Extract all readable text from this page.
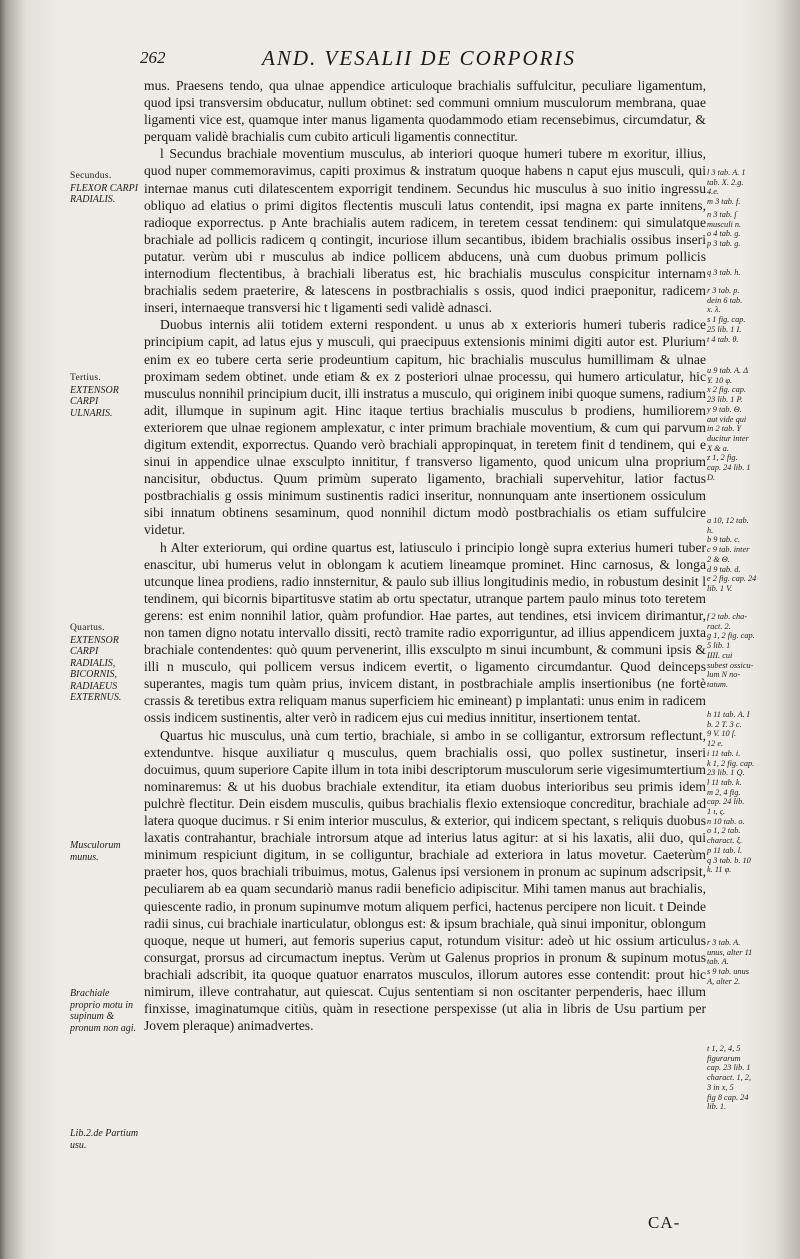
262	AND. VESALII DE CORPORIS
Secundus. FLEXOR CARPI RADIALIS.
Tertius. EXTENSOR CARPI ULNARIS.
Quartus. EXTENSOR CARPI RADIALIS, BICORNIS, RADIAEUS EXTERNUS.
Musculorum munus.
Brachiale proprio motu in supinum & pronum non agi.
Lib.2.de Partium usu.

mus. Praesens tendo, qua ulnae appendice articuloque brachialis suffulcitur, peculiare ligamentum, quod ipsi transversim obducatur, nullum obtinet: sed communi omnium musculorum membrana, quae ligamenti vice est, quamque inter manus ligamenta quodammodo etiam recensebimus, circumdatur, & perquam validè brachialis cum cubito articuli ligamentis connectitur.

l Secundus brachiale moventium musculus, ab interiori quoque humeri tubere m exoritur, illius, quod nuper commemoravimus, capiti proximus & instratum quoque habens n caput ejus musculi, qui internae manus cuti dilatescentem exporrigit tendinem. Secundus hic musculus à suo initio ingressu obliquo ad elatius o primi digitos flectentis musculi latus contendit, ipsi magna ex parte innitens, radioque exporrectus. p Ante brachialis autem radicem, in teretem cessat tendinem: qui simulatque brachiale ad pollicis radicem q contingit, incuriose illum secantibus, ibidem brachialis ossibus inseri putatur. verùm ubi r musculus ab indice pollicem abducens, unà cum duobus primum pollicis internodium flectentibus, à brachiali liberatus est, hic brachialis musculus conspicitur internam brachialis sedem praeterire, & latescens in postbrachialis s ossis, quod indici praeponitur, radicem inseri, internaeque transversi hic t ligamenti sedi validè adnasci.

Duobus internis alii totidem externi respondent. u unus ab x exterioris humeri tuberis radice principium capit, ad latus ejus y musculi, qui praecipuus extensionis minimi digiti autor est. Plurium enim ex eo tubere certa serie prodeuntium capitum, hic brachialis musculus humillimam & ulnae proximam sedem obtinet. unde etiam & ex z posteriori ulnae processu, qui humero articulatur, hic musculus nonnihil principium ducit, illi instratus a musculo, qui originem inibi quoque sumens, radium adit, illumque in supinum agit. Hinc itaque tertius brachialis musculus b prodiens, humiliorem exteriorem que ulnae regionem amplexatur, c inter primum brachiale moventium, & cum qui parvum digitum extendit, exporrectus. Quando verò brachiali appropinquat, in teretem finit d tendinem, qui e sinui in appendice ulnae exsculpto innititur, f transverso ligamento, quod unicum ulna proprium nancisitur, obductus. Quum primùm superato ligamento, brachiali supervehitur, latior factus postbrachialis g ossis minimum sustinentis radici inseritur, nonnunquam ante insertionem ossiculum sibi innatum obtinens sesaminum, quod nonnihil dictum modò postbrachialis os etiam suffulcire videtur.

h Alter exteriorum, qui ordine quartus est, latiusculo i principio longè supra exterius humeri tuber enascitur, ubi humerus velut in oblongam k acutiem lineamque prominet. Hinc carnosus, & longa utcunque linea prodiens, radio innsternitur, & paulo sub illius longitudinis medio, in robustum desinit l tendinem, qui bicornis bipartitusve statim ab ortu spectatur, utranque partem paulo minus toto teretem gerens: est enim nonnihil latior, quàm profundior. Hae partes, aut tendines, etsi invicem dirimantur, non tamen digno notatu intervallo dissiti, rectò tramite radio exporriguntur, ad illius appendicem juxta brachiale contendentes: quò quum pervenerint, illis exsculpto m sinui incumbunt, & communi ipsis & illi n musculo, qui pollicem versus indicem evertit, o ligamento circumdantur. Quod deinceps superantes, magis tum quàm prius, invicem distant, in postbrachiale amplis insertionibus (ne fortè crassis & teretibus extra reliquam manus superficiem hic emineant) p implantati: unus enim in radicem ossis indicem sustinentis, alter verò in radicem ejus cui medius innititur, insertionem tentat.

Quartus hic musculus, unà cum tertio, brachiale, si ambo in se colligantur, extrorsum reflectunt, extenduntve. hisque auxiliatur q musculus, quem brachialis ossi, quo pollex sustinetur, inseri docuimus, quum superiore Capite illum in tota inibi descriptorum musculorum serie vigesimumtertium nominaremus: & ut his duobus brachiale extenditur, ita etiam duobus interioribus seu primis idem pulchrè flectitur. Dein eisdem musculis, quibus brachialis flexio extensioque concreditur, brachiale ad latera quoque ducimus. r Si enim interior musculus, & exterior, qui indicem spectant, s reliquis duobus laxatis contrahantur, brachiale introrsum atque ad interius latus agitur: at si his laxatis, alii duo, qui minimum respiciunt digitum, in se colliguntur, brachiale ad exteriora in latus movetur. Caeterùm praeter hos, quos brachiali tribuimus, motus, Galenus ipsi versionem in pronum ac supinum adscripsit, peculiarem ab ea quam secundariò manus radii beneficio adipiscitur. Mihi tamen manus aut brachialis, quiescente radio, in pronum supinumve motum aliquem perfici, hactenus percipere non licuit. t Deinde radii sinus, cui brachiale inarticulatur, oblongus est: & ipsum brachiale, quà sinui imponitur, oblongum quoque, neque ut humeri, aut femoris superius caput, rotundum visitur: adeò ut hic ossium articulus consurgat, prorsus ad circumactum ineptus. Verùm ut Galenus proprios in pronum & supinum motus brachiali adscribit, ita quoque quatuor enarratos musculos, illorum autores esse contendit: prout hic nimirum, illeve contrahatur, aut quiescat. Cujus sententiam si non oscitanter perpenderis, haec illum finxisse, imaginatumque citiùs, quàm in resectione perspexisse (ut alia in libris de Usu partium per Jovem pleraque) animadvertes.

l 3 tab. A. 1
tab. X. 2.g.
4.e.
m 3 tab. f.
n 3 tab. ſ
musculi n.
o 4 tab. g.
p 3 tab. g.
q 3 tab. h.
r 3 tab. p.
dein 6 tab.
x. λ.
s 1 fig. cap.
25 lib. 1 I.
t 4 tab. θ.
u 9 tab. A. Δ
Y. 10 φ.
x 2 fig. cap.
23 lib. 1 P.
y 9 tab. Θ.
aut vide qui
in 2 tab. Y
ducitur inter
X & a.
z 1, 2 fig.
cap. 24 lib. 1
D.
a 10, 12 tab.
h.
b 9 tab. c.
c 9 tab. inter
2 & Θ.
d 9 tab. d.
e 2 fig. cap. 24
lib. 1 V.
f 2 tab. cha-
ract. 2.
g 1, 2 fig. cap.
5 lib. 1
IIII. cui
subest ossicu-
lum N no-
tatum.
h 11 tab. A. I
b. 2 T. 3 c.
9 V. 10 ſ.
12 e.
i 11 tab. i.
k 1, 2 fig. cap.
23 lib. 1 Q.
l 11 tab. k.
m 2, 4 fig.
cap. 24 lib.
1 ι, ς.
n 10 tab. o.
o 1, 2 tab.
charact. ξ.
p 11 tab. l.
q 3 tab. b. 10
k. 11 φ.
r 3 tab. A.
unus, alter 11
tab. A.
s 9 tab. unus
A, alter 2.
t 1, 2, 4, 5
figurarum
cap. 23 lib. 1
charact. 1, 2,
3 in x, 5
fig 8 cap. 24
lib. 1.
CA-
